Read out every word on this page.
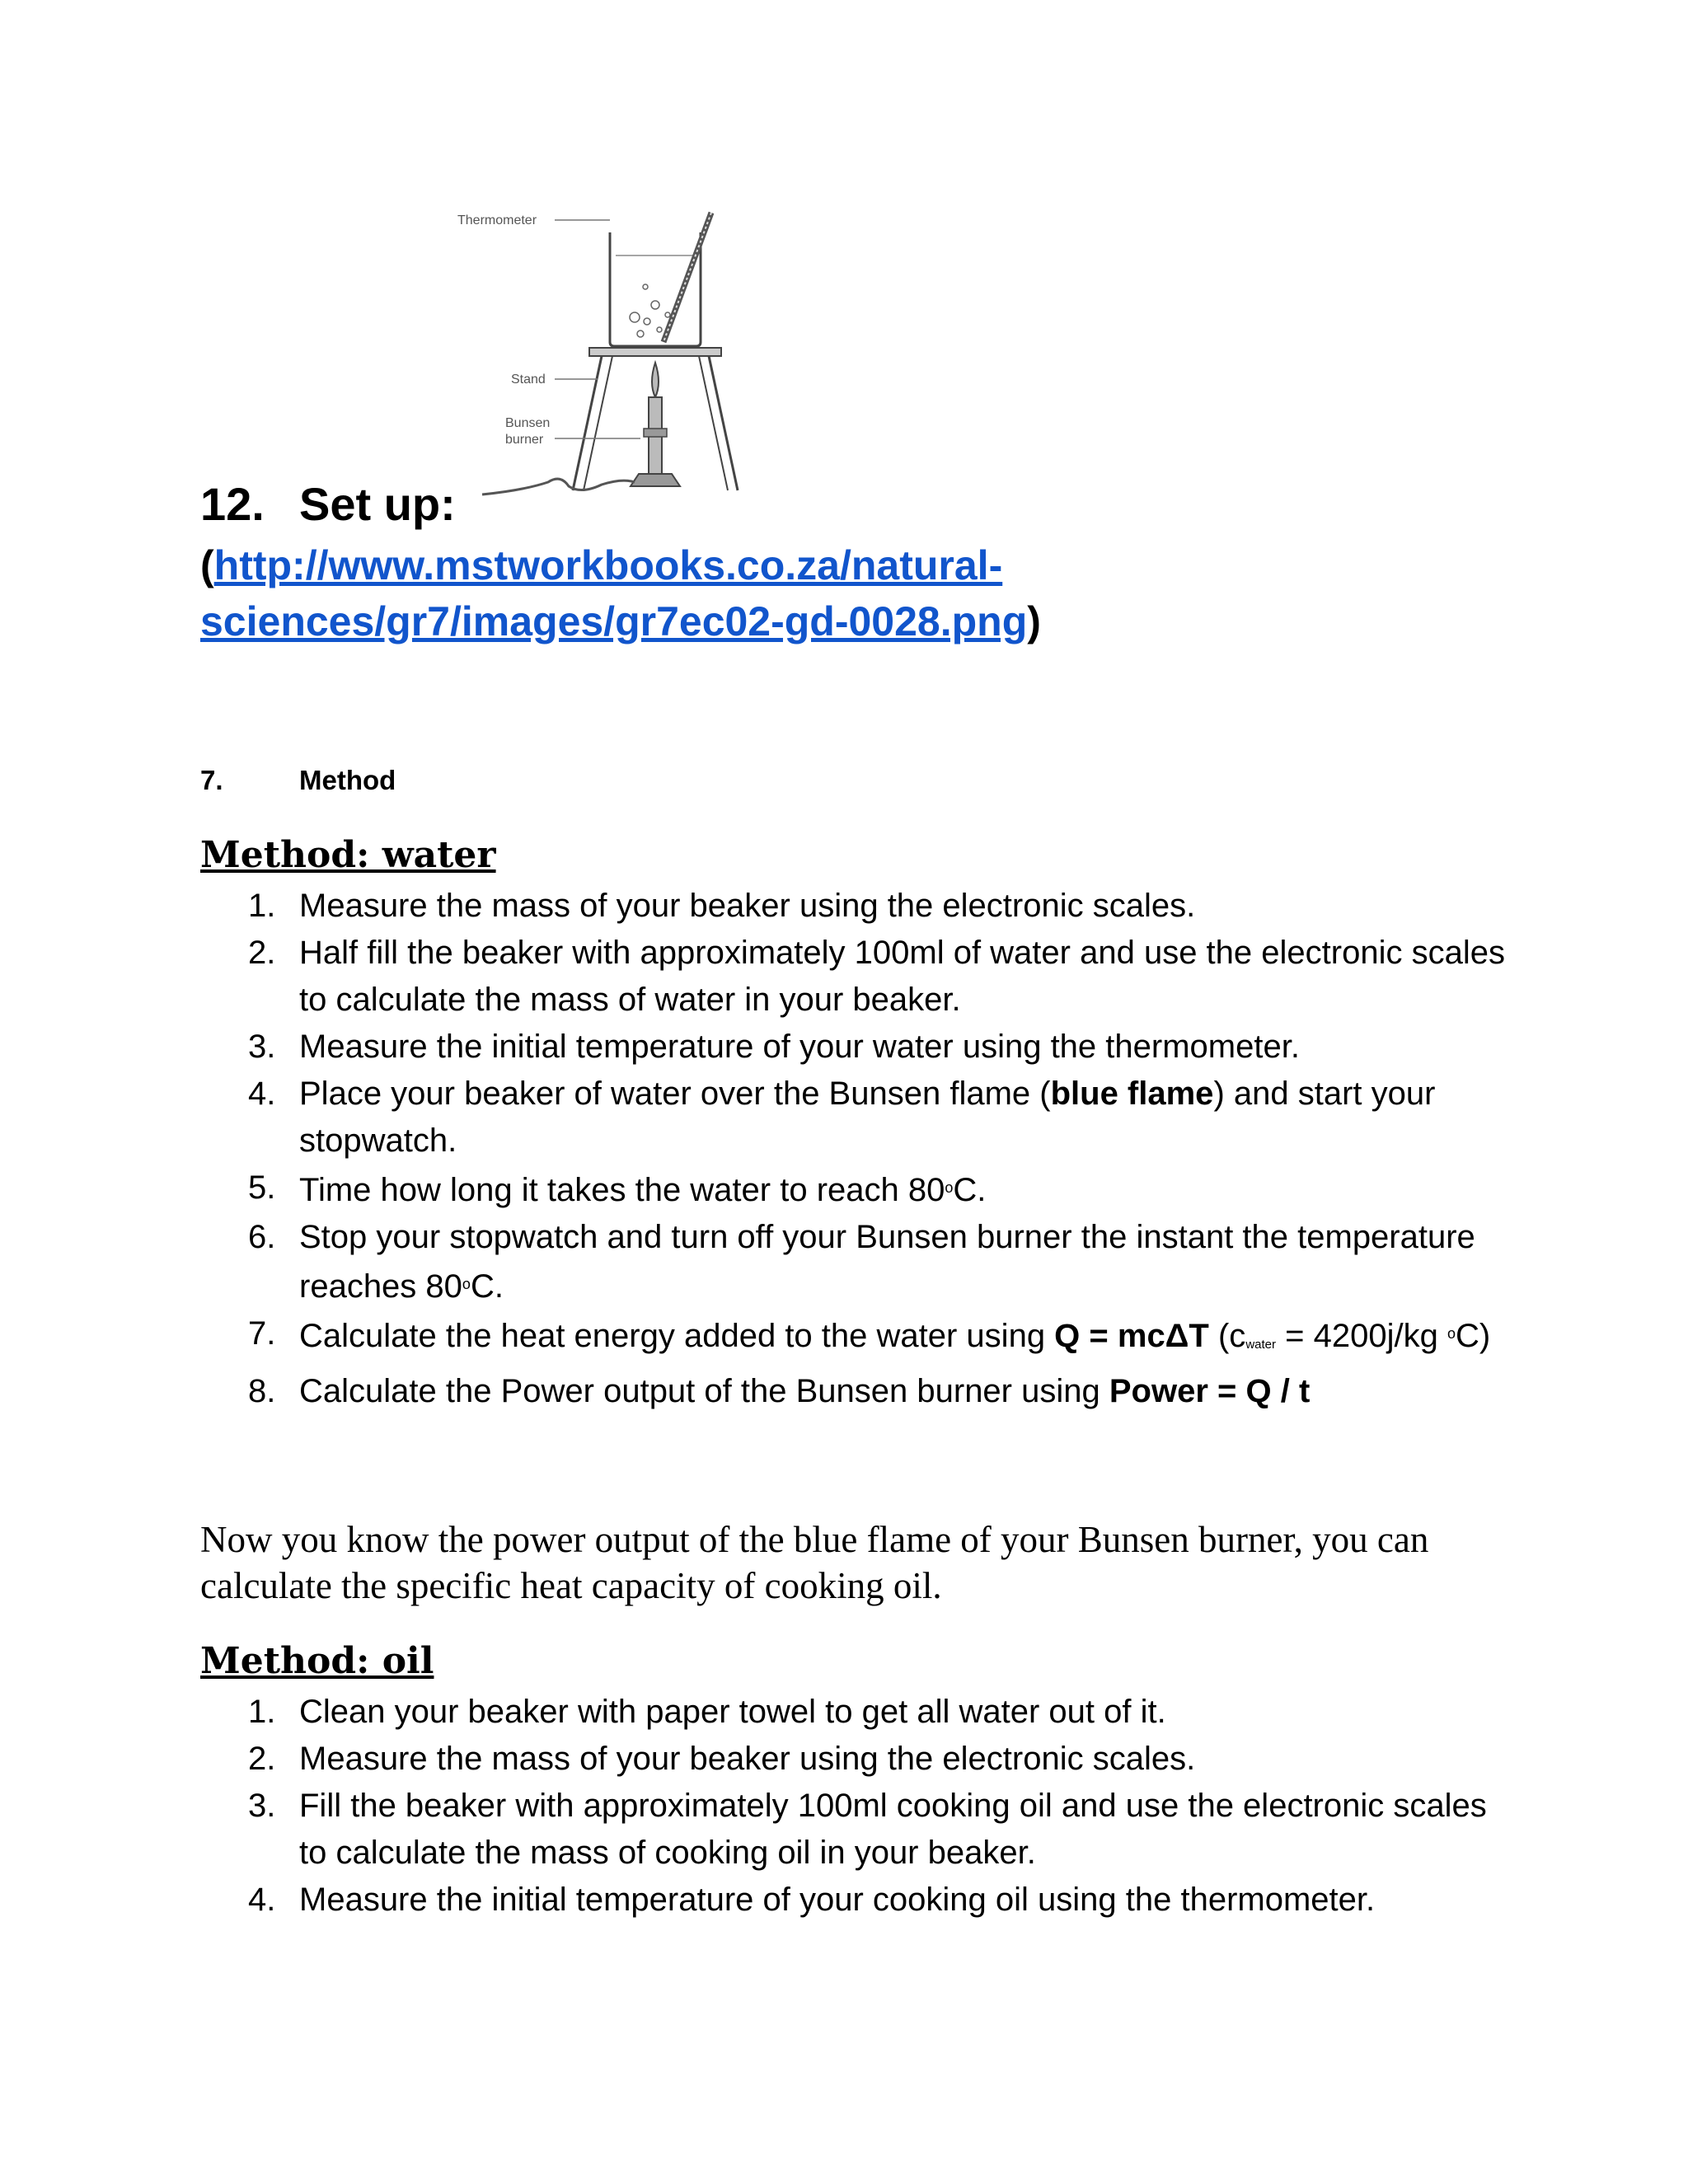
Thermometer
Stand
Bunsen
burner
12. Set up:
(http://www.mstworkbooks.co.za/natural-sciences/gr7/images/gr7ec02-gd-0028.png)
7.	Method
Method: water
1. Measure the mass of your beaker using the electronic scales.
2. Half fill the beaker with approximately 100ml of water and use the electronic scales to calculate the mass of water in your beaker.
3. Measure the initial temperature of your water using the thermometer.
4. Place your beaker of water over the Bunsen flame (blue flame) and start your stopwatch.
5. Time how long it takes the water to reach 80$^o$C.
6. Stop your stopwatch and turn off your Bunsen burner the instant the temperature reaches 80$^o$C.
7. Calculate the heat energy added to the water using Q = mcΔT ($c_{water} = 4200j/kg$ $^o$C)
8. Calculate the Power output of the Bunsen burner using Power = Q / t
Now you know the power output of the blue flame of your Bunsen burner, you can calculate the specific heat capacity of cooking oil.
Method: oil
1. Clean your beaker with paper towel to get all water out of it.
2. Measure the mass of your beaker using the electronic scales.
3. Fill the beaker with approximately 100ml cooking oil and use the electronic scales to calculate the mass of cooking oil in your beaker.
4. Measure the initial temperature of your cooking oil using the thermometer.
